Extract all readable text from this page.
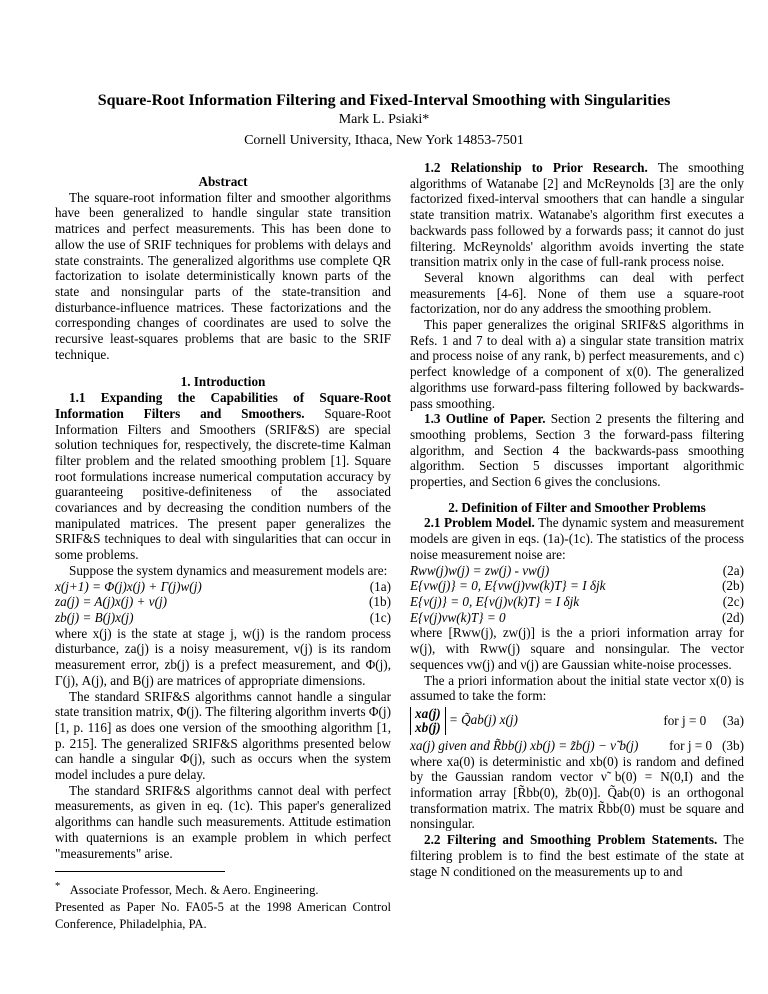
Square-Root Information Filtering and Fixed-Interval Smoothing with Singularities
Mark L. Psiaki*
Cornell University, Ithaca, New York 14853-7501
Abstract

The square-root information filter and smoother algorithms have been generalized to handle singular state transition matrices and perfect measurements. This has been done to allow the use of SRIF techniques for problems with delays and state constraints. The generalized algorithms use complete QR factorization to isolate deterministically known parts of the state and nonsingular parts of the state-transition and disturbance-influence matrices. These factorizations and the corresponding changes of coordinates are used to solve the recursive least-squares problems that are basic to the SRIF technique.

1. Introduction

1.1 Expanding the Capabilities of Square-Root Information Filters and Smoothers. Square-Root Information Filters and Smoothers (SRIF&S) are special solution techniques for, respectively, the discrete-time Kalman filter problem and the related smoothing problem [1]. Square root formulations increase numerical computation accuracy by guaranteeing positive-definiteness of the associated covariances and by decreasing the condition numbers of the manipulated matrices. The present paper generalizes the SRIF&S techniques to deal with singularities that can occur in some problems.

Suppose the system dynamics and measurement models are:

x(j+1) = Φ(j)x(j) + Γ(j)w(j)	(1a)
za(j) = A(j)x(j) + ν(j)	(1b)
zb(j) = B(j)x(j)	(1c)

where x(j) is the state at stage j, w(j) is the random process disturbance, za(j) is a noisy measurement, ν(j) is its random measurement error, zb(j) is a prefect measurement, and Φ(j), Γ(j), A(j), and B(j) are matrices of appropriate dimensions.

The standard SRIF&S algorithms cannot handle a singular state transition matrix, Φ(j). The filtering algorithm inverts Φ(j) [1, p. 116] as does one version of the smoothing algorithm [1, p. 215]. The generalized SRIF&S algorithms presented below can handle a singular Φ(j), such as occurs when the system model includes a pure delay.

The standard SRIF&S algorithms cannot deal with perfect measurements, as given in eq. (1c). This paper's generalized algorithms can handle such measurements. Attitude estimation with quaternions is an example problem in which perfect "measurements" arise.

* Associate Professor, Mech. & Aero. Engineering.
Presented as Paper No. FA05-5 at the 1998 American Control Conference, Philadelphia, PA.

1.2 Relationship to Prior Research. The smoothing algorithms of Watanabe [2] and McReynolds [3] are the only factorized fixed-interval smoothers that can handle a singular state transition matrix. Watanabe's algorithm first executes a backwards pass followed by a forwards pass; it cannot do just filtering. McReynolds' algorithm avoids inverting the state transition matrix only in the case of full-rank process noise.

Several known algorithms can deal with perfect measurements [4-6]. None of them use a square-root factorization, nor do any address the smoothing problem.

This paper generalizes the original SRIF&S algorithms in Refs. 1 and 7 to deal with a) a singular state transition matrix and process noise of any rank, b) perfect measurements, and c) perfect knowledge of a component of x(0). The generalized algorithms use forward-pass filtering followed by backwards-pass smoothing.

1.3 Outline of Paper. Section 2 presents the filtering and smoothing problems, Section 3 the forward-pass filtering algorithm, and Section 4 the backwards-pass smoothing algorithm. Section 5 discusses important algorithmic properties, and Section 6 gives the conclusions.

2. Definition of Filter and Smoother Problems

2.1 Problem Model. The dynamic system and measurement models are given in eqs. (1a)-(1c). The statistics of the process noise measurement noise are:

Rww(j)w(j) = zw(j) - νw(j)	(2a)
E{νw(j)} = 0, E{νw(j)νw(k)T} = I δjk	(2b)
E{ν(j)} = 0, E{ν(j)ν(k)T} = I δjk	(2c)
E{ν(j)νw(k)T} = 0	(2d)

where [Rww(j), zw(j)] is the a priori information array for w(j), with Rww(j) square and nonsingular. The vector sequences νw(j) and ν(j) are Gaussian white-noise processes.

The a priori information about the initial state vector x(0) is assumed to take the form:

xa(j)
xb(j)
= Q̃ab(j) x(j)	for j = 0 (3a)
xa(j) given and R̃bb(j) xb(j) = z̃b(j) − ν̃ b(j) for j = 0 (3b)

where xa(0) is deterministic and xb(0) is random and defined by the Gaussian random vector ν̃ b(0) = N(0,I) and the information array [R̃bb(0), z̃b(0)]. Q̃ab(0) is an orthogonal transformation matrix. The matrix R̃bb(0) must be square and nonsingular.

2.2 Filtering and Smoothing Problem Statements. The filtering problem is to find the best estimate of the state at stage N conditioned on the measurements up to and
